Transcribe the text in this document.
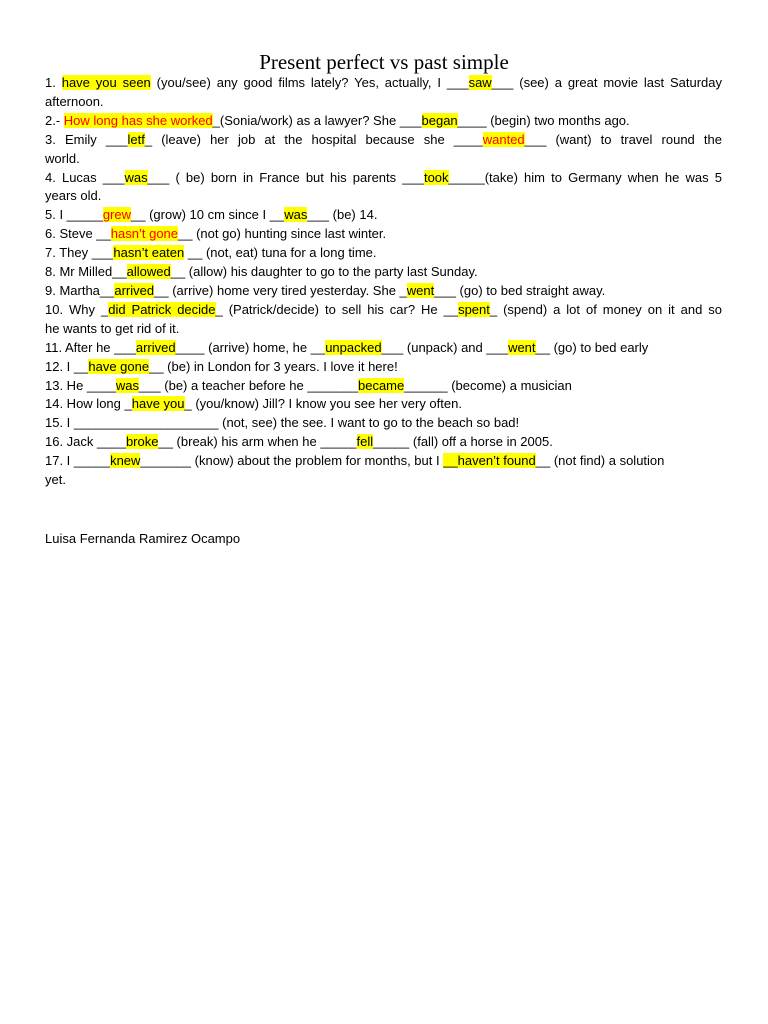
Present perfect vs past simple
1. have you seen (you/see) any good films lately? Yes, actually, I ___saw___ (see) a great movie last Saturday
afternoon.
2.- How long has she worked_(Sonia/work) as a lawyer? She ___began____ (begin) two months ago.
3. Emily ___letf_ (leave) her job at the hospital because she ____wanted___ (want) to travel round the
world.
4. Lucas ___was___ ( be) born in France but his parents ___took_____(take) him to Germany when he was 5
years old.
5. I _____grew__ (grow) 10 cm since I __was___ (be) 14.
6. Steve __hasn’t gone__ (not go) hunting since last winter.
7. They ___hasn’t eaten __ (not, eat) tuna for a long time.
8. Mr Milled__allowed__ (allow) his daughter to go to the party last Sunday.
9. Martha__arrived__ (arrive) home very tired yesterday. She _went___ (go) to bed straight away.
10. Why _did Patrick decide_ (Patrick/decide) to sell his car? He __spent_ (spend) a lot of money on it and so
he wants to get rid of it.
11. After he ___arrived____ (arrive) home, he __unpacked___ (unpack) and ___went__ (go) to bed early
12. I __have gone__ (be) in London for 3 years. I love it here!
13. He ____was___ (be) a teacher before he _______became______ (become) a musician
14. How long _have you_ (you/know) Jill? I know you see her very often.
15. I ____________________ (not, see) the see. I want to go to the beach so bad!
16. Jack ____broke__ (break) his arm when he _____fell_____ (fall) off a horse in 2005.
17. I _____knew_______ (know) about the problem for months, but I __haven’t found__ (not find) a solution
yet.
Luisa Fernanda Ramirez Ocampo
